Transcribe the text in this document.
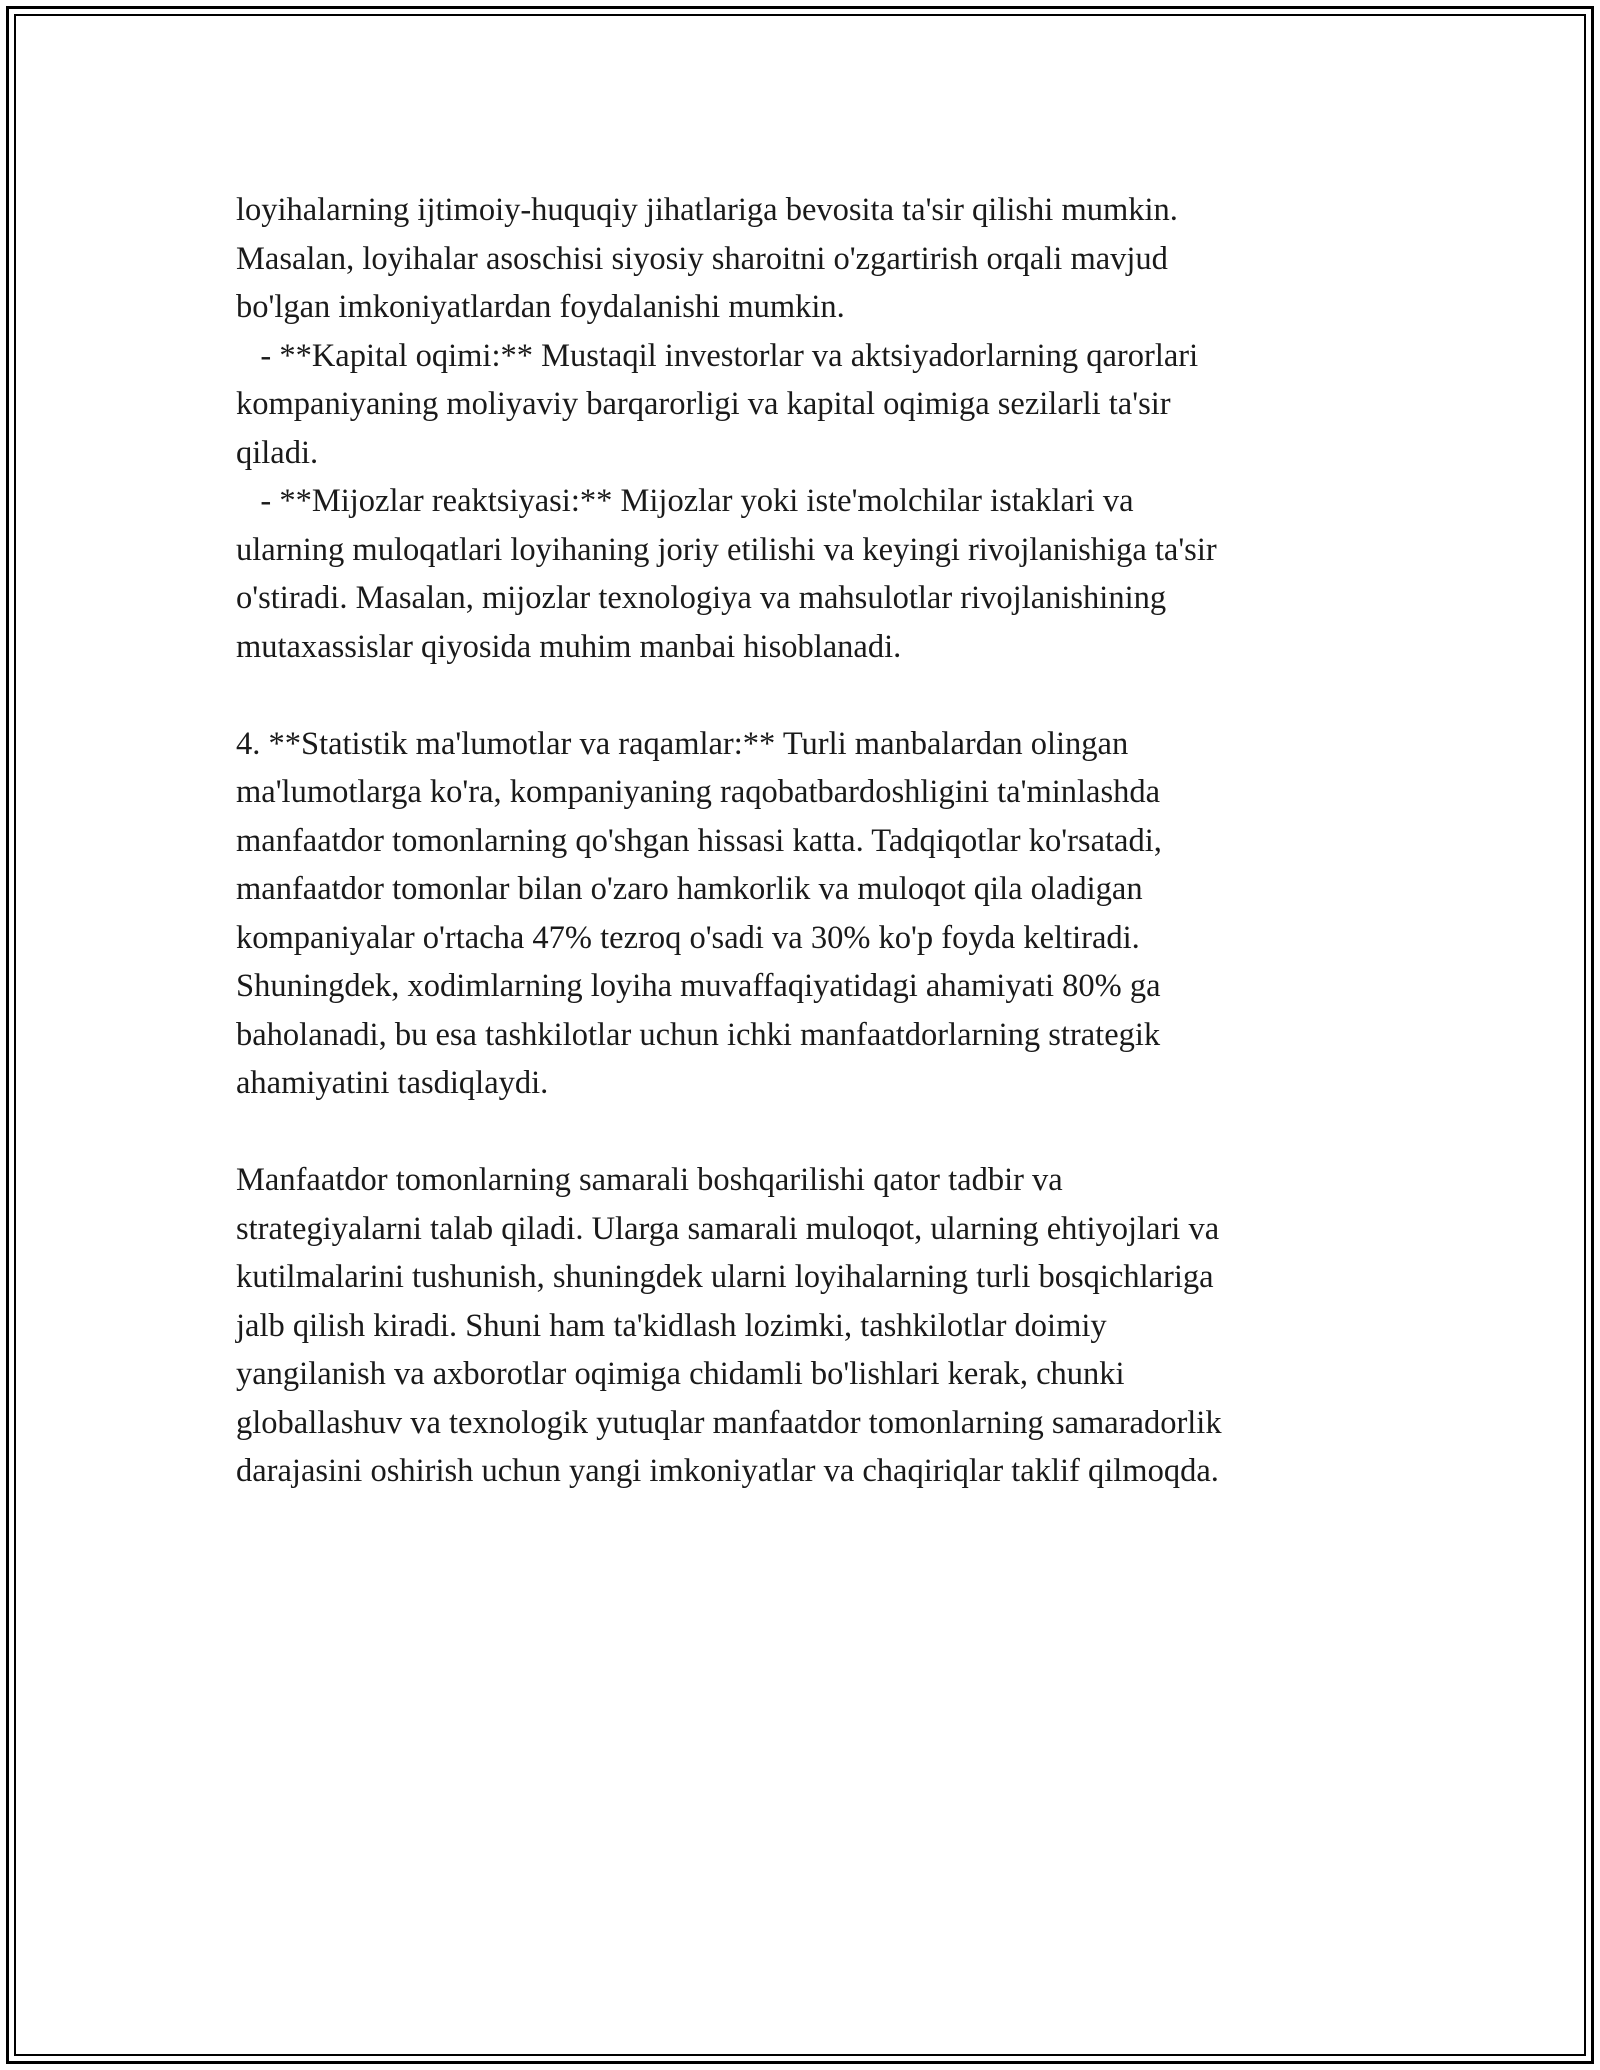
loyihalarning ijtimoiy-huquqiy jihatlariga bevosita ta'sir qilishi mumkin.
Masalan, loyihalar asoschisi siyosiy sharoitni o'zgartirish orqali mavjud
bo'lgan imkoniyatlardan foydalanishi mumkin.
- **Kapital oqimi:** Mustaqil investorlar va aktsiyadorlarning qarorlari
kompaniyaning moliyaviy barqarorligi va kapital oqimiga sezilarli ta'sir
qiladi.
- **Mijozlar reaktsiyasi:** Mijozlar yoki iste'molchilar istaklari va
ularning muloqatlari loyihaning joriy etilishi va keyingi rivojlanishiga ta'sir
o'stiradi. Masalan, mijozlar texnologiya va mahsulotlar rivojlanishining
mutaxassislar qiyosida muhim manbai hisoblanadi.
4. **Statistik ma'lumotlar va raqamlar:** Turli manbalardan olingan
ma'lumotlarga ko'ra, kompaniyaning raqobatbardoshligini ta'minlashda
manfaatdor tomonlarning qo'shgan hissasi katta. Tadqiqotlar ko'rsatadi,
manfaatdor tomonlar bilan o'zaro hamkorlik va muloqot qila oladigan
kompaniyalar o'rtacha 47% tezroq o'sadi va 30% ko'p foyda keltiradi.
Shuningdek, xodimlarning loyiha muvaffaqiyatidagi ahamiyati 80% ga
baholanadi, bu esa tashkilotlar uchun ichki manfaatdorlarning strategik
ahamiyatini tasdiqlaydi.
Manfaatdor tomonlarning samarali boshqarilishi qator tadbir va
strategiyalarni talab qiladi. Ularga samarali muloqot, ularning ehtiyojlari va
kutilmalarini tushunish, shuningdek ularni loyihalarning turli bosqichlariga
jalb qilish kiradi. Shuni ham ta'kidlash lozimki, tashkilotlar doimiy
yangilanish va axborotlar oqimiga chidamli bo'lishlari kerak, chunki
globallashuv va texnologik yutuqlar manfaatdor tomonlarning samaradorlik
darajasini oshirish uchun yangi imkoniyatlar va chaqiriqlar taklif qilmoqda.
